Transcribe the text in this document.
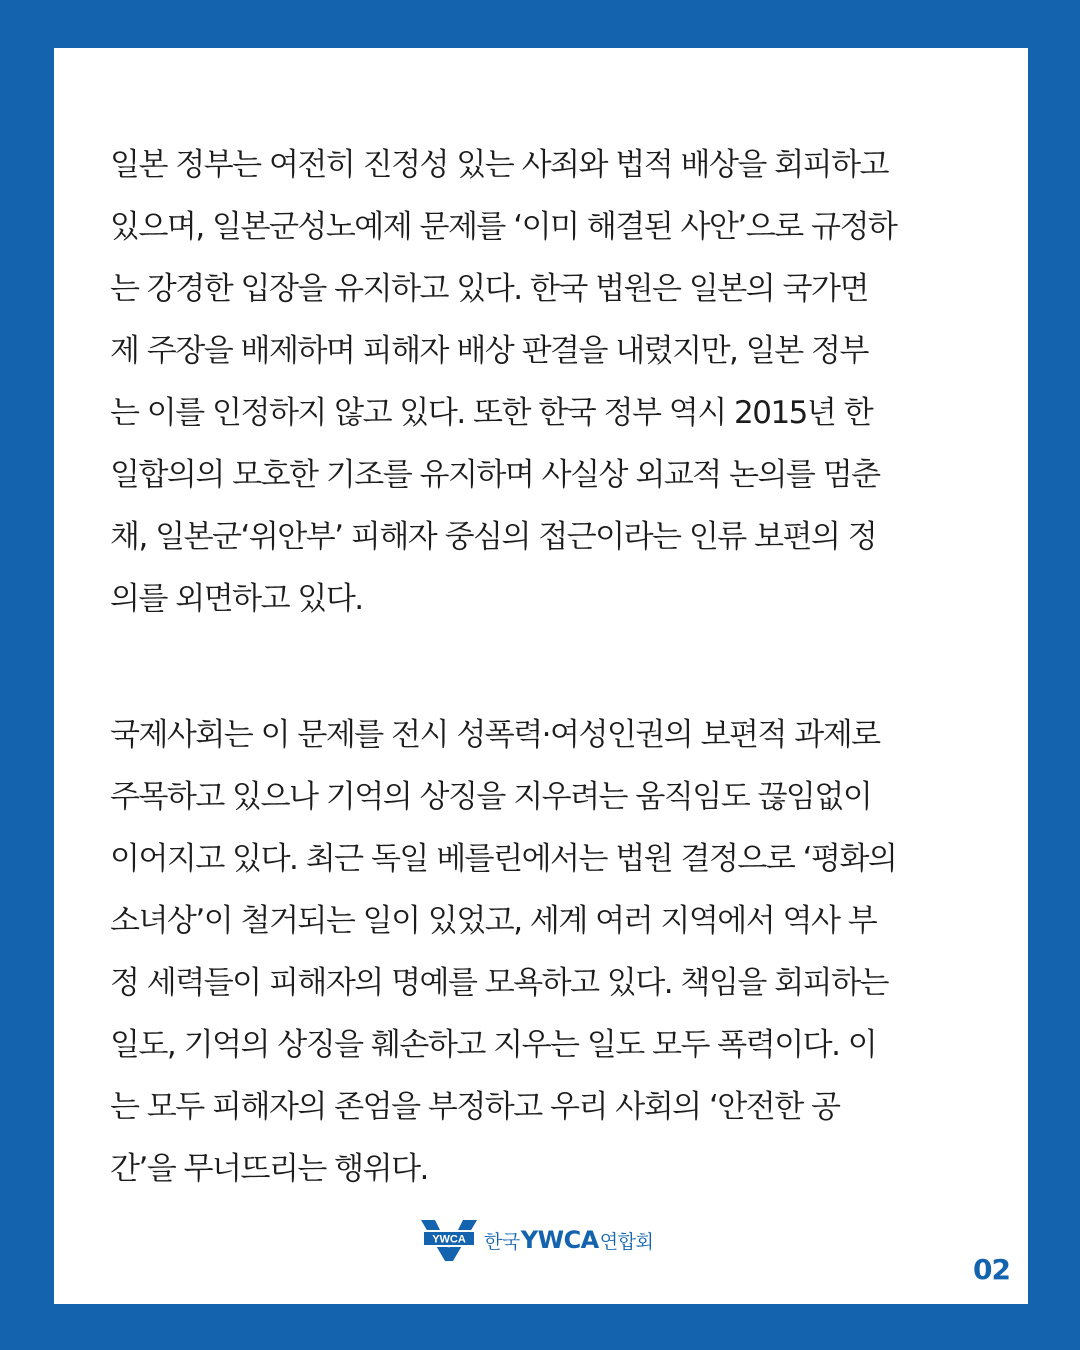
일본 정부는 여전히 진정성 있는 사죄와 법적 배상을 회피하고
있으며, 일본군성노예제 문제를 ‘이미 해결된 사안’으로 규정하
는 강경한 입장을 유지하고 있다. 한국 법원은 일본의 국가면
제 주장을 배제하며 피해자 배상 판결을 내렸지만, 일본 정부
는 이를 인정하지 않고 있다. 또한 한국 정부 역시 2015년 한
일합의의 모호한 기조를 유지하며 사실상 외교적 논의를 멈춘
채, 일본군‘위안부’ 피해자 중심의 접근이라는 인류 보편의 정
의를 외면하고 있다.
국제사회는 이 문제를 전시 성폭력·여성인권의 보편적 과제로
주목하고 있으나 기억의 상징을 지우려는 움직임도 끊임없이
이어지고 있다. 최근 독일 베를린에서는 법원 결정으로 ‘평화의
소녀상’이 철거되는 일이 있었고, 세계 여러 지역에서 역사 부
정 세력들이 피해자의 명예를 모욕하고 있다. 책임을 회피하는
일도, 기억의 상징을 훼손하고 지우는 일도 모두 폭력이다. 이
는 모두 피해자의 존엄을 부정하고 우리 사회의 ‘안전한 공
간’을 무너뜨리는 행위다.
YWCA 한국 YWCA 연합회
02
